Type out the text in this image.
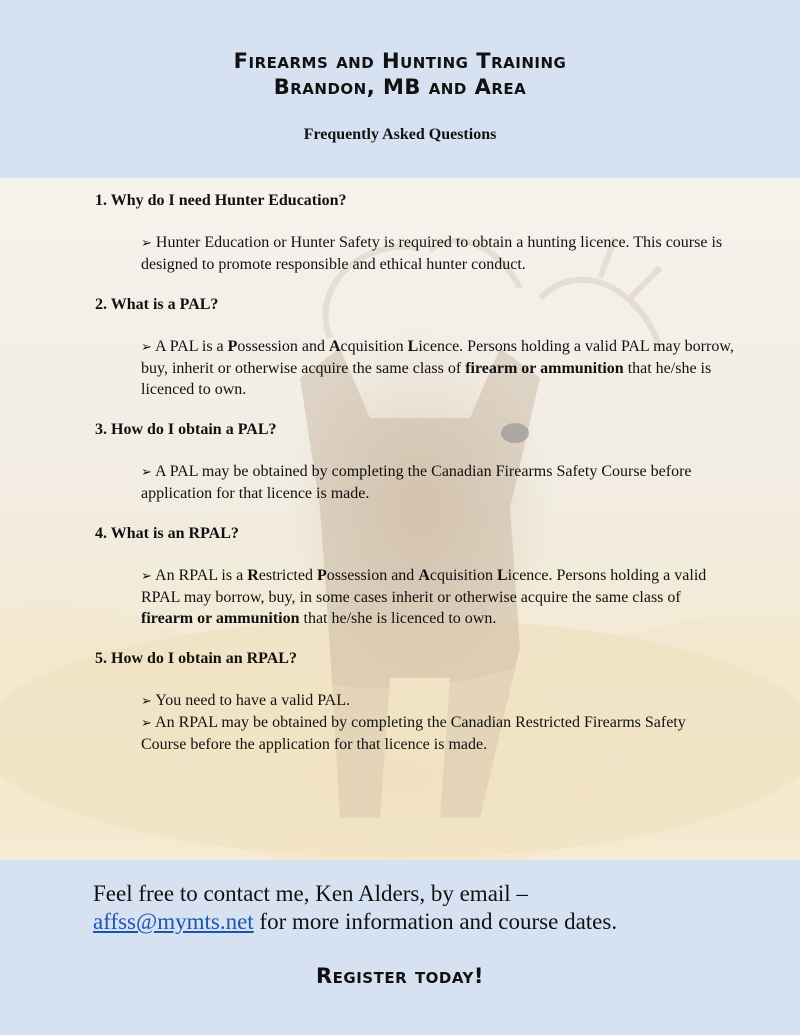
Firearms and Hunting Training
Brandon, MB and Area
Frequently Asked Questions

1. Why do I need Hunter Education?

➢ Hunter Education or Hunter Safety is required to obtain a hunting licence. This course is designed to promote responsible and ethical hunter conduct.

2. What is a PAL?

➢ A PAL is a Possession and Acquisition Licence. Persons holding a valid PAL may borrow, buy, inherit or otherwise acquire the same class of firearm or ammunition that he/she is licenced to own.

3. How do I obtain a PAL?

➢ A PAL may be obtained by completing the Canadian Firearms Safety Course before application for that licence is made.

4. What is an RPAL?

➢ An RPAL is a Restricted Possession and Acquisition Licence. Persons holding a valid RPAL may borrow, buy, in some cases inherit or otherwise acquire the same class of firearm or ammunition that he/she is licenced to own.

5. How do I obtain an RPAL?

➢ You need to have a valid PAL.

➢ An RPAL may be obtained by completing the Canadian Restricted Firearms Safety Course before the application for that licence is made.

Feel free to contact me, Ken Alders, by email –
affss@mymts.net for more information and course dates.
Register today!
